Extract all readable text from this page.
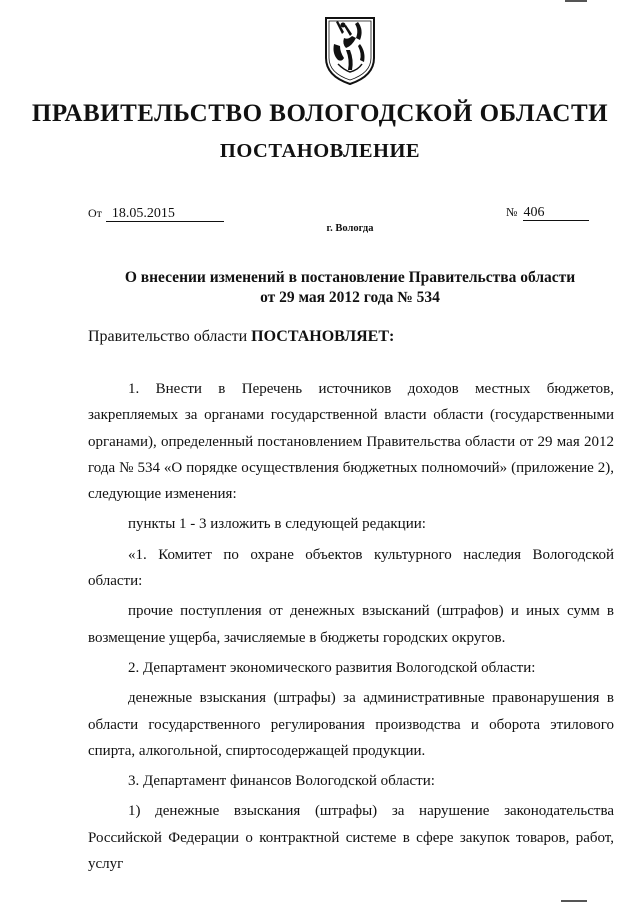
ПРАВИТЕЛЬСТВО ВОЛОГОДСКОЙ ОБЛАСТИ
ПОСТАНОВЛЕНИЕ
От 18.05.2015	№ 406
г. Вологда
О внесении изменений в постановление Правительства области
от 29 мая 2012 года № 534
Правительство области ПОСТАНОВЛЯЕТ:

1. Внести в Перечень источников доходов местных бюджетов, закрепляемых за органами государственной власти области (государственными органами), определенный постановлением Правительства области от 29 мая 2012 года № 534 «О порядке осуществления бюджетных полномочий» (приложение 2), следующие изменения:

пункты 1 - 3 изложить в следующей редакции:

«1. Комитет по охране объектов культурного наследия Вологодской области:

прочие поступления от денежных взысканий (штрафов) и иных сумм в возмещение ущерба, зачисляемые в бюджеты городских округов.

2. Департамент экономического развития Вологодской области:

денежные взыскания (штрафы) за административные правонарушения в области государственного регулирования производства и оборота этилового спирта, алкогольной, спиртосодержащей продукции.

3. Департамент финансов Вологодской области:

1) денежные взыскания (штрафы) за нарушение законодательства Российской Федерации о контрактной системе в сфере закупок товаров, работ, услуг
